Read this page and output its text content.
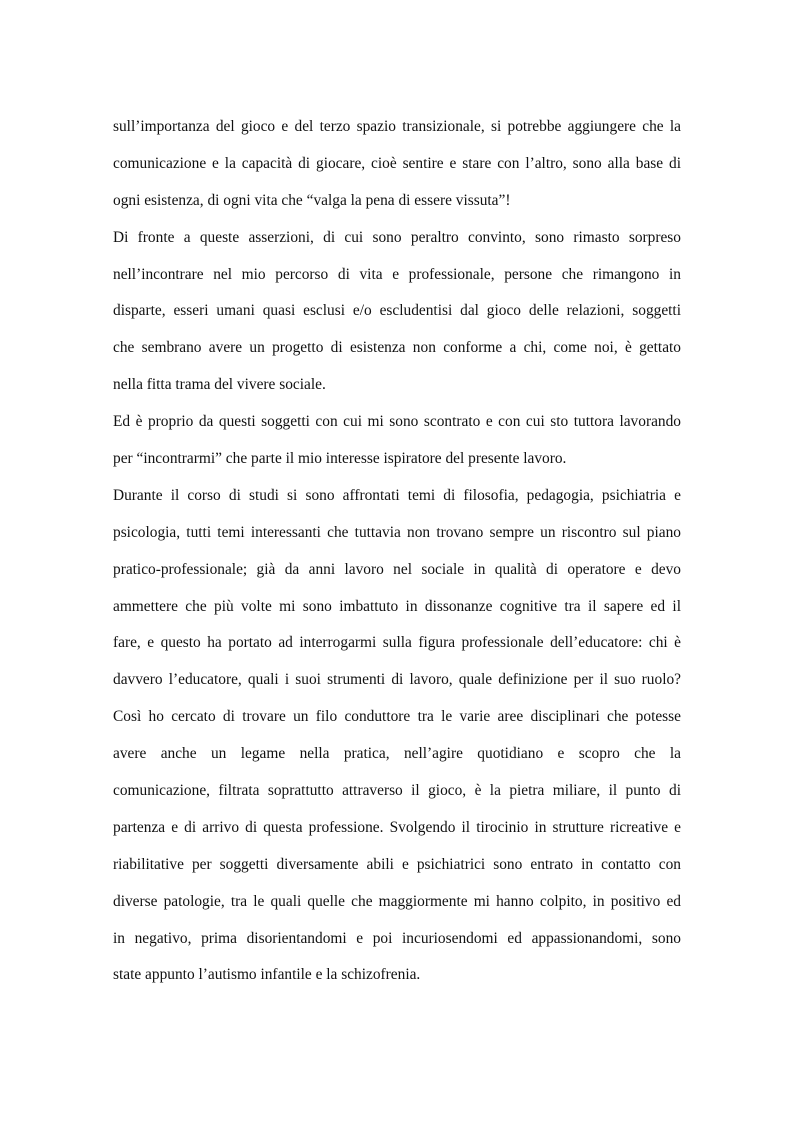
sull’importanza del gioco e del terzo spazio transizionale, si potrebbe aggiungere che la
comunicazione e la capacità di giocare, cioè sentire e stare con l’altro, sono alla base di
ogni esistenza, di ogni vita che “valga la pena di essere vissuta”!
Di fronte a queste asserzioni, di cui sono peraltro convinto, sono rimasto sorpreso
nell’incontrare nel mio percorso di vita e professionale, persone che rimangono in
disparte, esseri umani quasi esclusi e/o escludentisi dal gioco delle relazioni, soggetti
che sembrano avere un progetto di esistenza non conforme a chi, come noi, è gettato
nella fitta trama del vivere sociale.
Ed è proprio da questi soggetti con cui mi sono scontrato e con cui sto tuttora lavorando
per “incontrarmi” che parte il mio interesse ispiratore del presente lavoro.
Durante il corso di studi si sono affrontati temi di filosofia, pedagogia, psichiatria e
psicologia, tutti temi interessanti che tuttavia non trovano sempre un riscontro sul piano
pratico-professionale; già da anni lavoro nel sociale in qualità di operatore e devo
ammettere che più volte mi sono imbattuto in dissonanze cognitive tra il sapere ed il
fare, e questo ha portato ad interrogarmi sulla figura professionale dell’educatore: chi è
davvero l’educatore, quali i suoi strumenti di lavoro, quale definizione per il suo ruolo?
Così ho cercato di trovare un filo conduttore tra le varie aree disciplinari che potesse
avere anche un legame nella pratica, nell’agire quotidiano e scopro che la
comunicazione, filtrata soprattutto attraverso il gioco, è la pietra miliare, il punto di
partenza e di arrivo di questa professione. Svolgendo il tirocinio in strutture ricreative e
riabilitative per soggetti diversamente abili e psichiatrici sono entrato in contatto con
diverse patologie, tra le quali quelle che maggiormente mi hanno colpito, in positivo ed
in negativo, prima disorientandomi e poi incuriosendomi ed appassionandomi, sono
state appunto l’autismo infantile e la schizofrenia.
